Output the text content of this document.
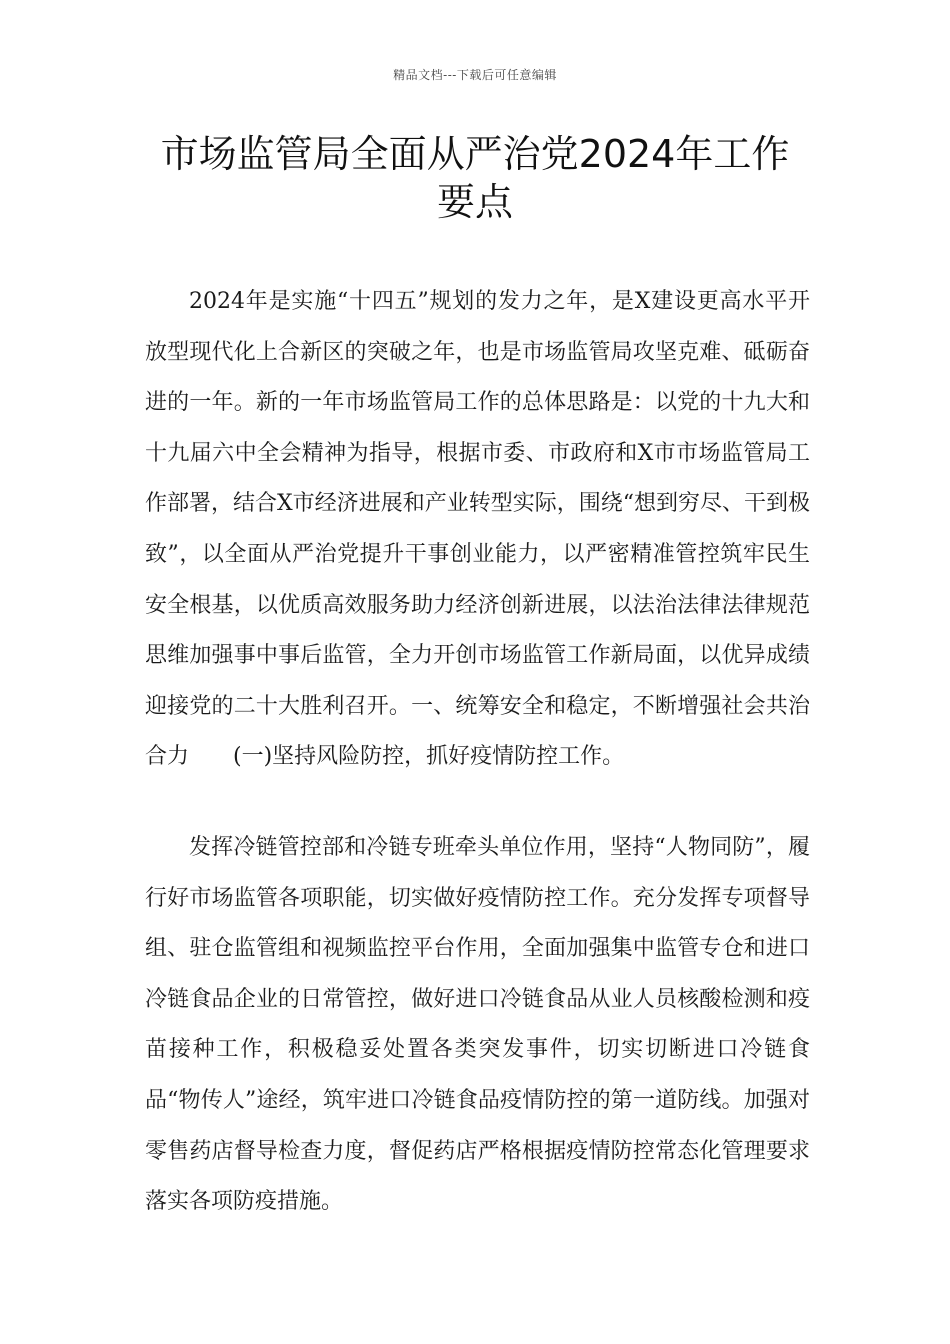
精品文档---下载后可任意编辑
市场监管局全面从严治党2024年工作
要点

2024年是实施“十四五”规划的发力之年，是X建设更高水平开放型现代化上合新区的突破之年，也是市场监管局攻坚克难、砥砺奋进的一年。新的一年市场监管局工作的总体思路是：以党的十九大和十九届六中全会精神为指导，根据市委、市政府和X市市场监管局工作部署，结合X市经济进展和产业转型实际，围绕“想到穷尽、干到极致”，以全面从严治党提升干事创业能力，以严密精准管控筑牢民生安全根基，以优质高效服务助力经济创新进展，以法治法律法律规范思维加强事中事后监管，全力开创市场监管工作新局面，以优异成绩迎接党的二十大胜利召开。一、统筹安全和稳定，不断增强社会共治合力　　(一)坚持风险防控，抓好疫情防控工作。

发挥冷链管控部和冷链专班牵头单位作用，坚持“人物同防”，履行好市场监管各项职能，切实做好疫情防控工作。充分发挥专项督导组、驻仓监管组和视频监控平台作用，全面加强集中监管专仓和进口冷链食品企业的日常管控，做好进口冷链食品从业人员核酸检测和疫苗接种工作，积极稳妥处置各类突发事件，切实切断进口冷链食品“物传人”途经，筑牢进口冷链食品疫情防控的第一道防线。加强对零售药店督导检查力度，督促药店严格根据疫情防控常态化管理要求落实各项防疫措施。
